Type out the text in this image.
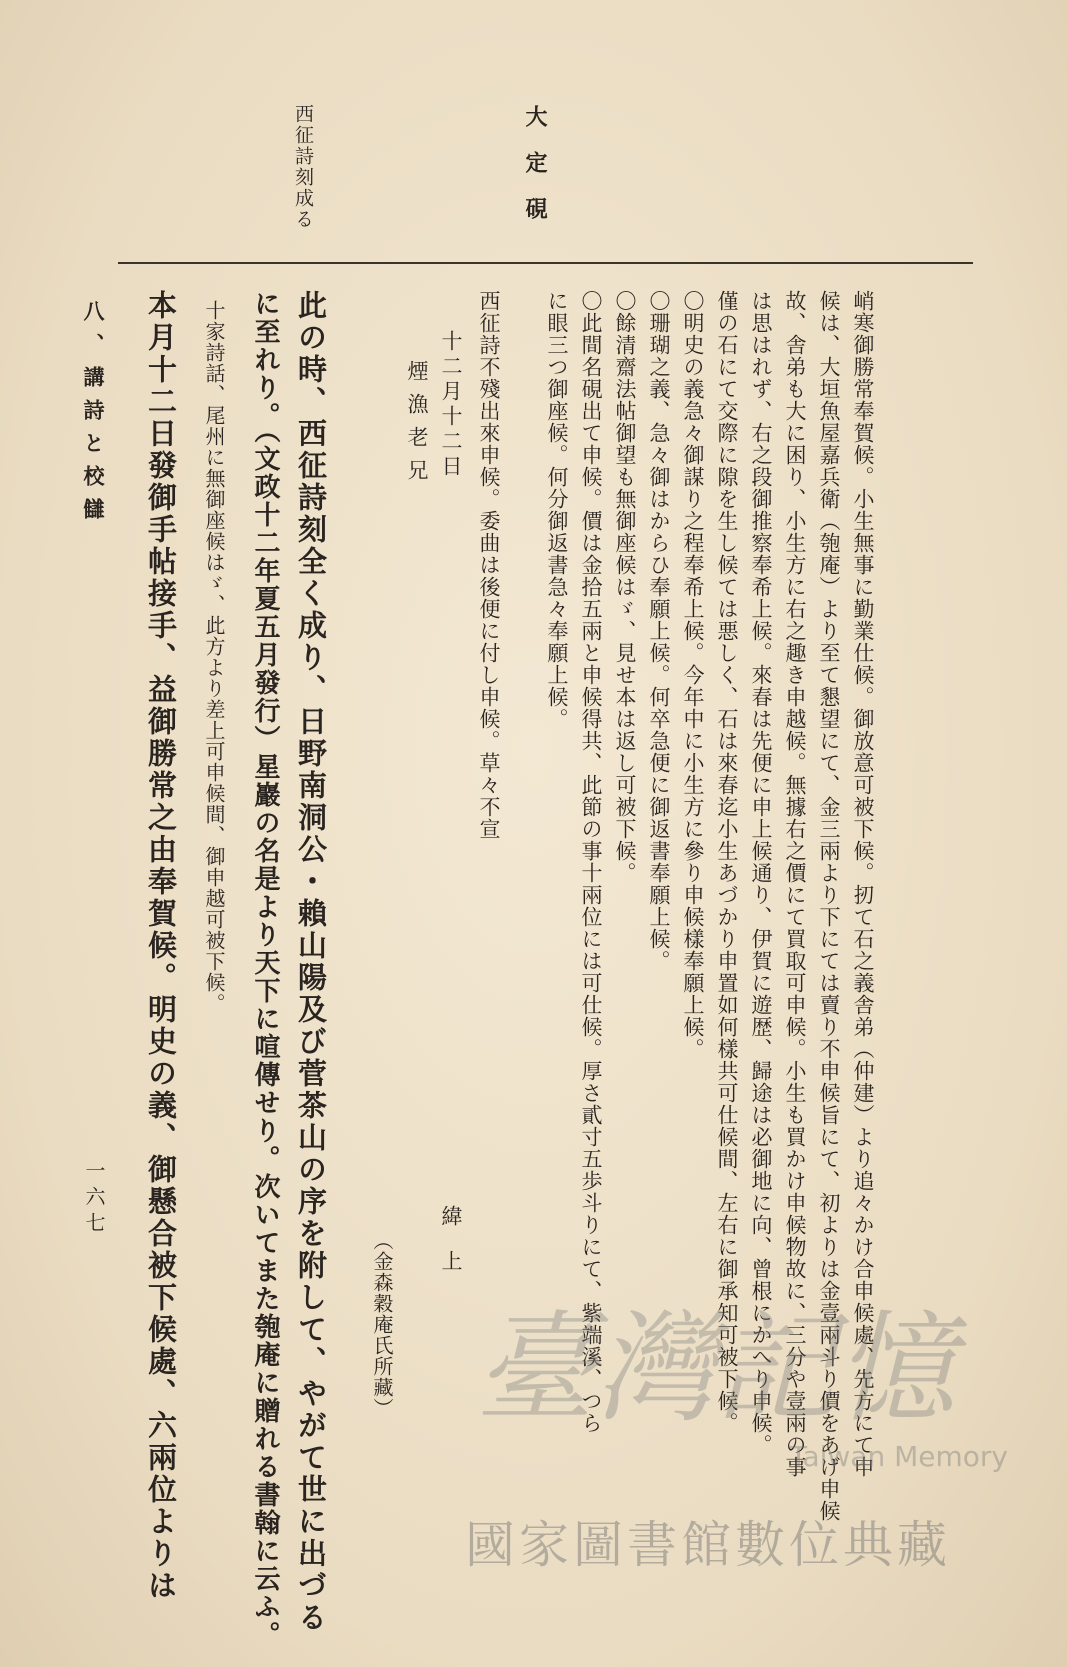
大定硯
西征詩刻成る
峭寒御勝常奉賀候。小生無事に勤業仕候。御放意可被下候。扨て石之義舎弟（仲建）より追々かけ合申候處、先方にて申
候は、大垣魚屋嘉兵衛（匏庵）より至て懇望にて、金三兩より下にては賣り不申候旨にて、初よりは金壹兩斗り價をあげ申候
故、舎弟も大に困り、小生方に右之趣き申越候。無據右之價にて買取可申候。小生も買かけ申候物故に、三分や壹兩の事
は思はれず、右之段御推察奉希上候。來春は先便に申上候通り、伊賀に遊歴、歸途は必御地に向、曾根にかへり申候。
僅の石にて交際に隙を生し候ては悪しく、石は來春迄小生あづかり申置如何樣共可仕候間、左右に御承知可被下候。
〇明史の義急々御謀り之程奉希上候。今年中に小生方に參り申候樣奉願上候。
〇珊瑚之義、急々御はからひ奉願上候。何卒急便に御返書奉願上候。
〇餘清齋法帖御望も無御座候はゞ、見せ本は返し可被下候。
〇此間名硯出て申候。價は金拾五兩と申候得共、此節の事十兩位には可仕候。厚さ貳寸五歩斗りにて、紫端溪、つら
に眼三つ御座候。何分御返書急々奉願上候。
西征詩不殘出來申候。委曲は後便に付し申候。草々不宣
十二月十二日
緯上
煙漁老兄
（金森穀庵氏所藏）
此の時、西征詩刻全く成り、日野南洞公・賴山陽及び菅茶山の序を附して、やがて世に出づる
に至れり。（文政十二年夏五月發行）星巖の名是より天下に喧傳せり。次いてまた匏庵に贈れる書翰に云ふ。
十家詩話、尾州に無御座候はゞ、此方より差上可申候間、御申越可被下候。
本月十二日發御手帖接手、益御勝常之由奉賀候。明史の義、御懸合被下候處、六兩位よりは
八、講詩と校讎
一六七
臺灣記憶
Taiwan Memory
國家圖書館數位典藏
